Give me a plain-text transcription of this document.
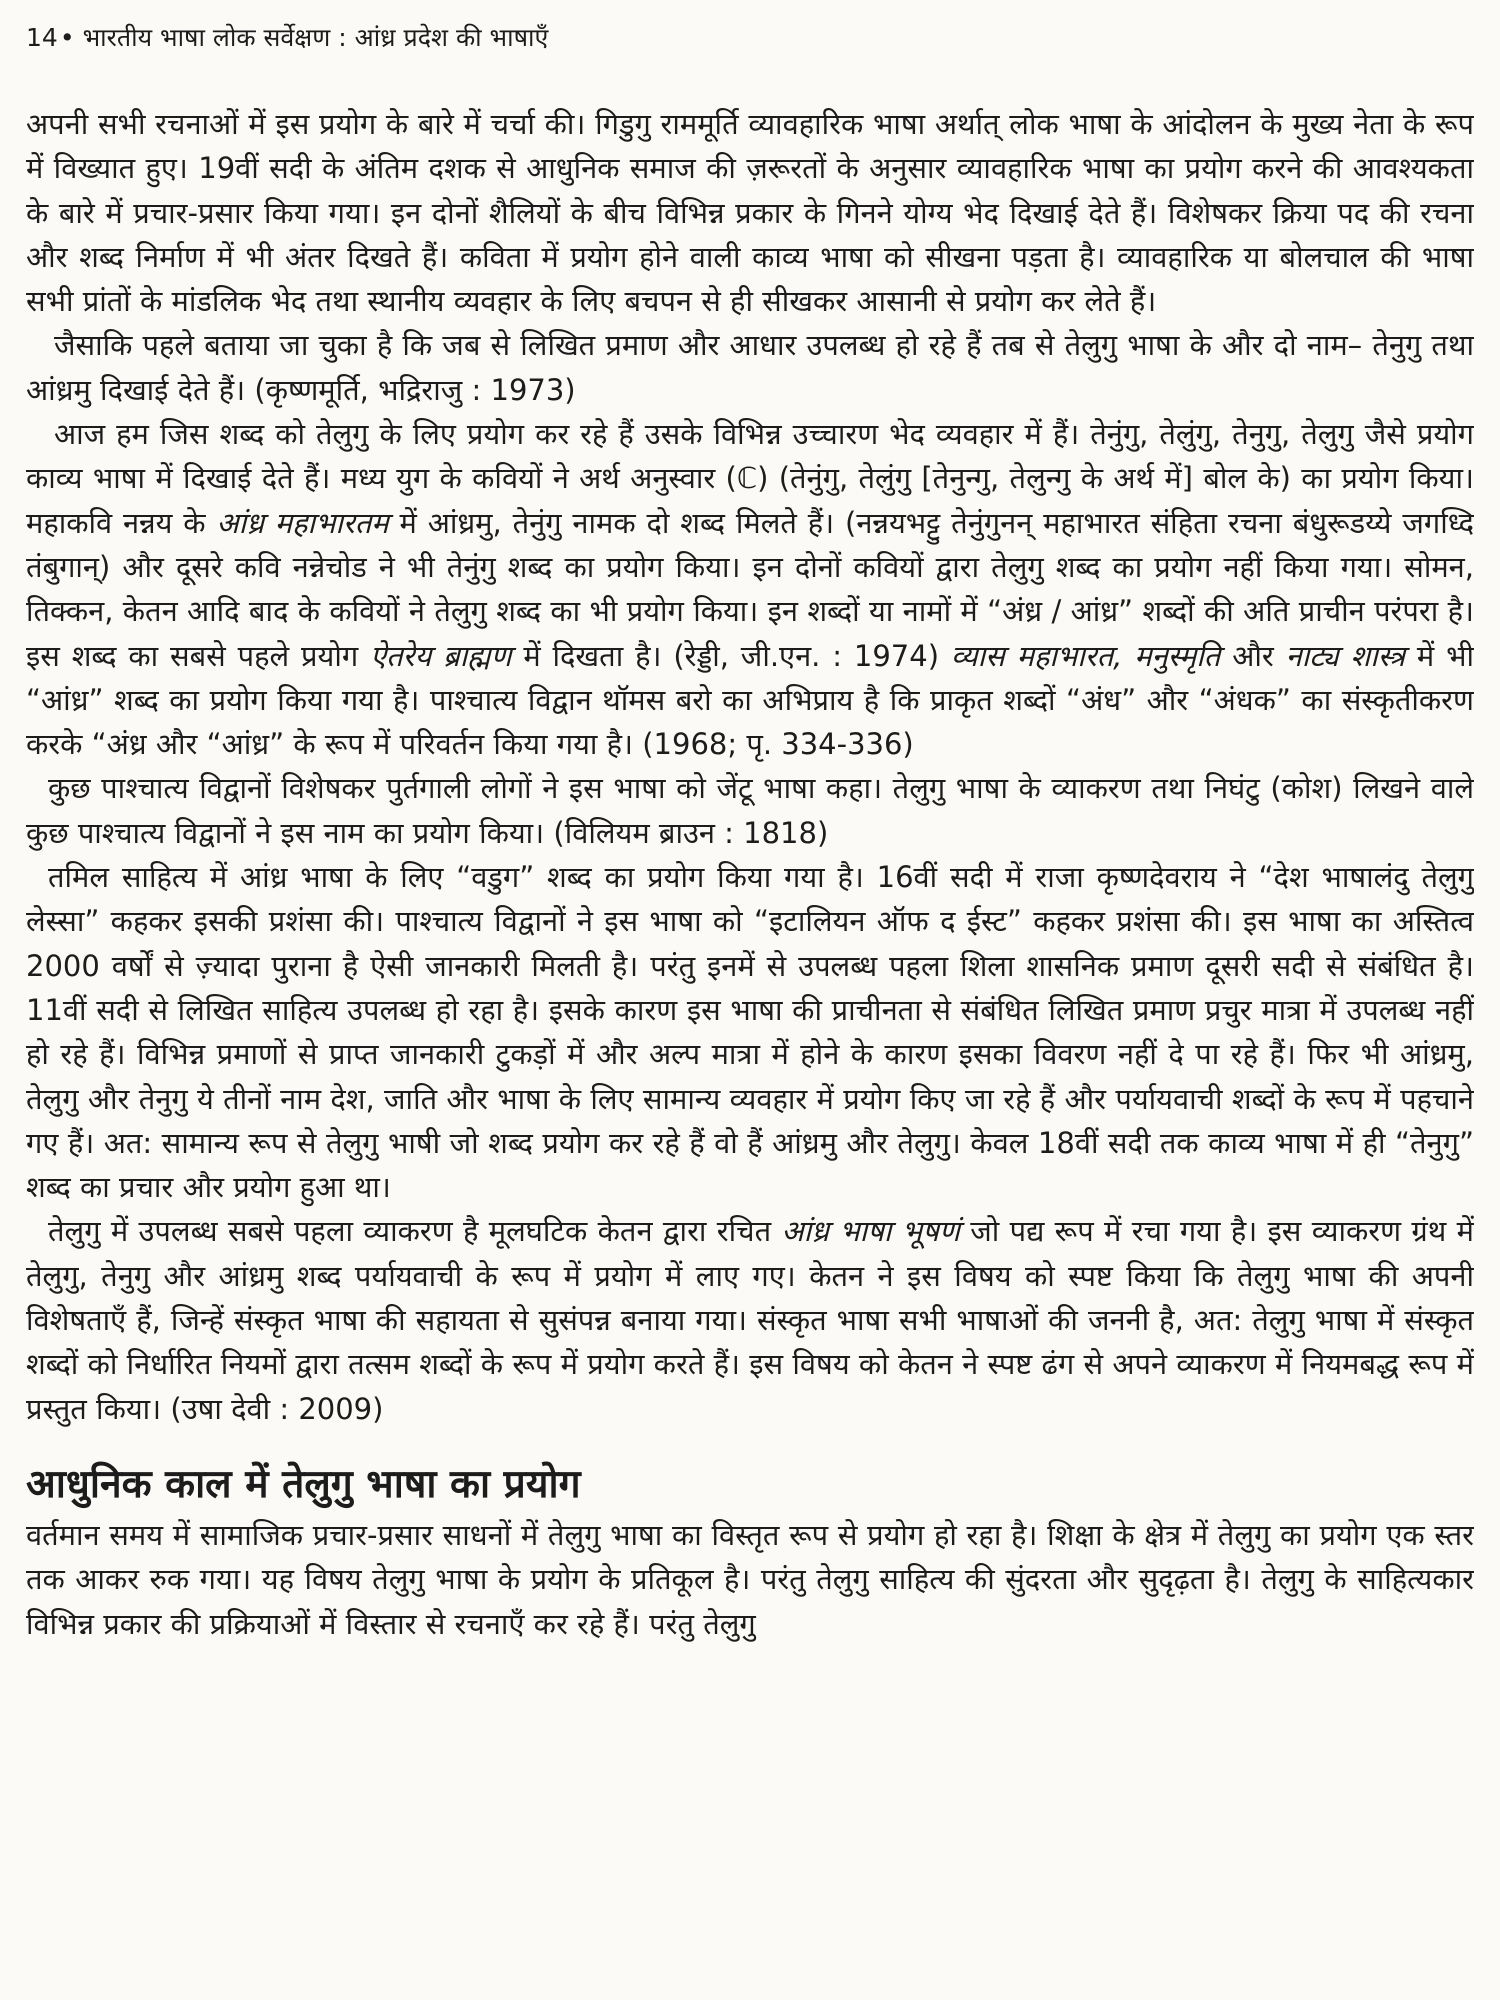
14• भारतीय भाषा लोक सर्वेक्षण : आंध्र प्रदेश की भाषाएँ

अपनी सभी रचनाओं में इस प्रयोग के बारे में चर्चा की। गिडुगु राममूर्ति व्यावहारिक भाषा अर्थात् लोक भाषा के आंदोलन के मुख्य नेता के रूप में विख्यात हुए। 19वीं सदी के अंतिम दशक से आधुनिक समाज की ज़रूरतों के अनुसार व्यावहारिक भाषा का प्रयोग करने की आवश्यकता के बारे में प्रचार-प्रसार किया गया। इन दोनों शैलियों के बीच विभिन्न प्रकार के गिनने योग्य भेद दिखाई देते हैं। विशेषकर क्रिया पद की रचना और शब्द निर्माण में भी अंतर दिखते हैं। कविता में प्रयोग होने वाली काव्य भाषा को सीखना पड़ता है। व्यावहारिक या बोलचाल की भाषा सभी प्रांतों के मांडलिक भेद तथा स्थानीय व्यवहार के लिए बचपन से ही सीखकर आसानी से प्रयोग कर लेते हैं।

जैसाकि पहले बताया जा चुका है कि जब से लिखित प्रमाण और आधार उपलब्ध हो रहे हैं तब से तेलुगु भाषा के और दो नाम– तेनुगु तथा आंध्रमु दिखाई देते हैं। (कृष्णमूर्ति, भद्रिराजु : 1973)

आज हम जिस शब्द को तेलुगु के लिए प्रयोग कर रहे हैं उसके विभिन्न उच्चारण भेद व्यवहार में हैं। तेनुंगु, तेलुंगु, तेनुगु, तेलुगु जैसे प्रयोग काव्य भाषा में दिखाई देते हैं। मध्य युग के कवियों ने अर्थ अनुस्वार (ℂ) (तेनुंगु, तेलुंगु [तेनुन्गु, तेलुन्गु के अर्थ में] बोल के) का प्रयोग किया। महाकवि नन्नय के आंध्र महाभारतम में आंध्रमु, तेनुंगु नामक दो शब्द मिलते हैं। (नन्नयभट्टु तेनुंगुनन् महाभारत संहिता रचना बंधुरूडय्ये जगध्दि तंबुगान्) और दूसरे कवि नन्नेचोड ने भी तेनुंगु शब्द का प्रयोग किया। इन दोनों कवियों द्वारा तेलुगु शब्द का प्रयोग नहीं किया गया। सोमन, तिक्कन, केतन आदि बाद के कवियों ने तेलुगु शब्द का भी प्रयोग किया। इन शब्दों या नामों में “अंध्र / आंध्र” शब्दों की अति प्राचीन परंपरा है। इस शब्द का सबसे पहले प्रयोग ऐतरेय ब्राह्मण में दिखता है। (रेड्डी, जी.एन. : 1974) व्यास महाभारत, मनुस्मृति और नाट्य शास्त्र में भी “आंध्र” शब्द का प्रयोग किया गया है। पाश्चात्य विद्वान थॉमस बरो का अभिप्राय है कि प्राकृत शब्दों “अंध” और “अंधक” का संस्कृतीकरण करके “अंध्र और “आंध्र” के रूप में परिवर्तन किया गया है। (1968; पृ. 334-336)

कुछ पाश्चात्य विद्वानों विशेषकर पुर्तगाली लोगों ने इस भाषा को जेंटू भाषा कहा। तेलुगु भाषा के व्याकरण तथा निघंटु (कोश) लिखने वाले कुछ पाश्चात्य विद्वानों ने इस नाम का प्रयोग किया। (विलियम ब्राउन : 1818)

तमिल साहित्य में आंध्र भाषा के लिए “वडुग” शब्द का प्रयोग किया गया है। 16वीं सदी में राजा कृष्णदेवराय ने “देश भाषालंदु तेलुगु लेस्सा” कहकर इसकी प्रशंसा की। पाश्चात्य विद्वानों ने इस भाषा को “इटालियन ऑफ द ईस्ट” कहकर प्रशंसा की। इस भाषा का अस्तित्व 2000 वर्षों से ज़्यादा पुराना है ऐसी जानकारी मिलती है। परंतु इनमें से उपलब्ध पहला शिला शासनिक प्रमाण दूसरी सदी से संबंधित है। 11वीं सदी से लिखित साहित्य उपलब्ध हो रहा है। इसके कारण इस भाषा की प्राचीनता से संबंधित लिखित प्रमाण प्रचुर मात्रा में उपलब्ध नहीं हो रहे हैं। विभिन्न प्रमाणों से प्राप्त जानकारी टुकड़ों में और अल्प मात्रा में होने के कारण इसका विवरण नहीं दे पा रहे हैं। फिर भी आंध्रमु, तेलुगु और तेनुगु ये तीनों नाम देश, जाति और भाषा के लिए सामान्य व्यवहार में प्रयोग किए जा रहे हैं और पर्यायवाची शब्दों के रूप में पहचाने गए हैं। अत: सामान्य रूप से तेलुगु भाषी जो शब्द प्रयोग कर रहे हैं वो हैं आंध्रमु और तेलुगु। केवल 18वीं सदी तक काव्य भाषा में ही “तेनुगु” शब्द का प्रचार और प्रयोग हुआ था।

तेलुगु में उपलब्ध सबसे पहला व्याकरण है मूलघटिक केतन द्वारा रचित आंध्र भाषा भूषणं जो पद्य रूप में रचा गया है। इस व्याकरण ग्रंथ में तेलुगु, तेनुगु और आंध्रमु शब्द पर्यायवाची के रूप में प्रयोग में लाए गए। केतन ने इस विषय को स्पष्ट किया कि तेलुगु भाषा की अपनी विशेषताएँ हैं, जिन्हें संस्कृत भाषा की सहायता से सुसंपन्न बनाया गया। संस्कृत भाषा सभी भाषाओं की जननी है, अत: तेलुगु भाषा में संस्कृत शब्दों को निर्धारित नियमों द्वारा तत्सम शब्दों के रूप में प्रयोग करते हैं। इस विषय को केतन ने स्पष्ट ढंग से अपने व्याकरण में नियमबद्ध रूप में प्रस्तुत किया। (उषा देवी : 2009)

आधुनिक काल में तेलुगु भाषा का प्रयोग

वर्तमान समय में सामाजिक प्रचार-प्रसार साधनों में तेलुगु भाषा का विस्तृत रूप से प्रयोग हो रहा है। शिक्षा के क्षेत्र में तेलुगु का प्रयोग एक स्तर तक आकर रुक गया। यह विषय तेलुगु भाषा के प्रयोग के प्रतिकूल है। परंतु तेलुगु साहित्य की सुंदरता और सुदृढ़ता है। तेलुगु के साहित्यकार विभिन्न प्रकार की प्रक्रियाओं में विस्तार से रचनाएँ कर रहे हैं। परंतु तेलुगु
